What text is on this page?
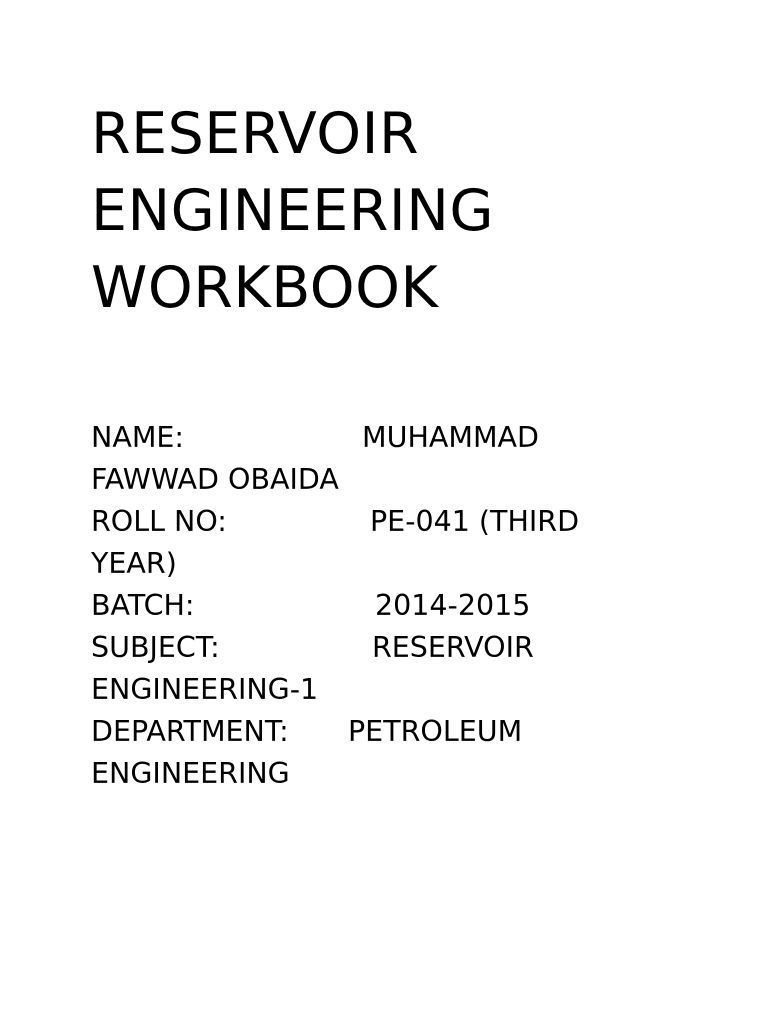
RESERVOIR
ENGINEERING
WORKBOOK
NAME:	MUHAMMAD
FAWWAD OBAIDA
ROLL NO:	PE-041 (THIRD
YEAR)
BATCH:	2014-2015
SUBJECT:	RESERVOIR
ENGINEERING-1
DEPARTMENT: PETROLEUM
ENGINEERING
